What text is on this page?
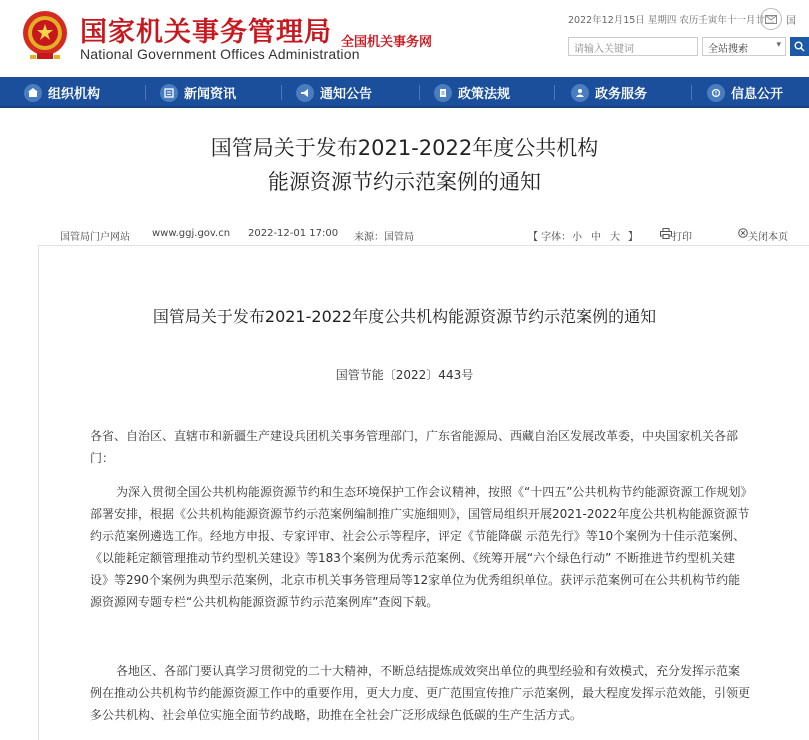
国家机关事务管理局
National Government Offices Administration
全国机关事务网
2022年12月15日 星期四 农历壬寅年十一月廿二 国
请输入关键词	全站搜索	▾
组织机构	新闻资讯	通知公告	政策法规	政务服务	信息公开
国管局关于发布2021-2022年度公共机构
能源资源节约示范案例的通知
国管局门户网站 www.ggj.gov.cn 2022-12-01 17:00 来源：国管局	【 字体： 小 中 大 】	打印	关闭本页
国管局关于发布2021-2022年度公共机构能源资源节约示范案例的通知
国管节能〔2022〕443号
各省、自治区、直辖市和新疆生产建设兵团机关事务管理部门，广东省能源局、西藏自治区发展改革委，中央国家机关各部门：
为深入贯彻全国公共机构能源资源节约和生态环境保护工作会议精神，按照《“十四五”公共机构节约能源资源工作规划》部署安排，根据《公共机构能源资源节约示范案例编制推广实施细则》，国管局组织开展2021-2022年度公共机构能源资源节约示范案例遴选工作。经地方申报、专家评审、社会公示等程序，评定《节能降碳 示范先行》等10个案例为十佳示范案例、《以能耗定额管理推动节约型机关建设》等183个案例为优秀示范案例、《统筹开展“六个绿色行动” 不断推进节约型机关建设》等290个案例为典型示范案例，北京市机关事务管理局等12家单位为优秀组织单位。获评示范案例可在公共机构节约能源资源网专题专栏“公共机构能源资源节约示范案例库”查阅下载。
各地区、各部门要认真学习贯彻党的二十大精神，不断总结提炼成效突出单位的典型经验和有效模式，充分发挥示范案例在推动公共机构节约能源资源工作中的重要作用，更大力度、更广范围宣传推广示范案例，最大程度发挥示范效能，引领更多公共机构、社会单位实施全面节约战略，助推在全社会广泛形成绿色低碳的生产生活方式。
